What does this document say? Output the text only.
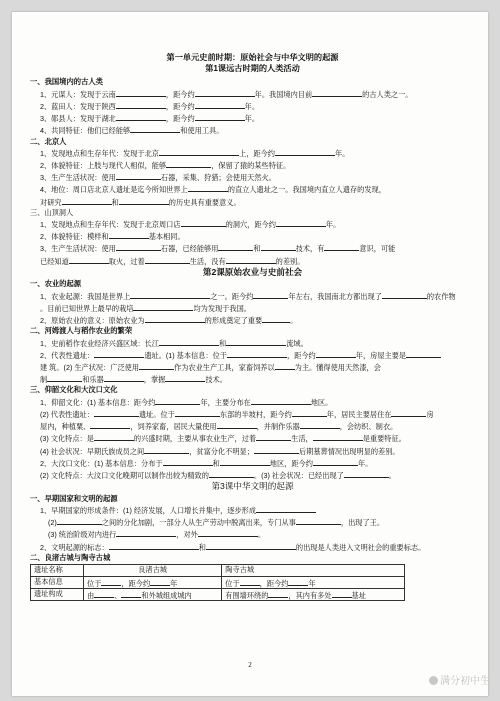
第一单元史前时期：原始社会与中华文明的起源
第1课远古时期的人类活动
一、我国境内的古人类
1、元谋人：发现于云南	，距今约	年。我国境内目前	的古人类之一。
2、蓝田人：发现于陕西	，距今约	年。
3、郧县人：发现于湖北	，距今约	年。
4、共同特征：他们已经能够	和使用工具。
二、北京人
1、发现地点和生存年代：发现于北京	上，距今约	年。
2、体貌特征：上肢与现代人相似，能够	，保留了猿的某些特征。
3、生产生活状况：使用	石器，采集、狩猎；会使用天然火。
4、地位：周口店北京人遗址是迄今所知世界上	的直立人遗址之一。我国境内直立人遗存的发现，
对研究	和	的历史具有重要意义。
三、山顶洞人
1、发现地点和生存年代：发现于北京周口店	的洞穴，距今约	年。
2、体貌特征：模样和	基本相同。
3、生产生活状况：使用	石器，已经能够用	和	技术，有	意识，可能
已经知道	取火，过着	生活，没有	的差别。
第2课原始农业与史前社会
一、农业的起源
1、农业起源：我国是世界上	之一。距今约	年左右，我国南北方都出现了	的农作物
。目前已知世界上最早的栽培	均为发现于我国。
2、原始农业的意义：原始农业为	的形成奠定了重要	。
二、河姆渡人与稻作农业的繁荣
1、史前稻作农业经济兴盛区域：长江	和	流域。
2、代表性遗址：	遗址。(1) 基本信息：位于	，距今约	年，房屋主要是
建 筑。(2) 生产状况：广泛使用	作为农业生产工具，家畜饲养以	为主。懂得使用天然漆，会
制	和乐器	，掌握	技术。
三、仰韶文化和大汶口文化
1、仰韶文化：(1) 基本信息：距今约	年，主要分布在	地区。
(2) 代表性遗址：	遗址。位于	东部的半坡村，距今约	年，居民主要居住在	房
屋内，种植粟、	，饲养家畜，居民大量使用	，并制作乐器	，会纺织、制衣。
(3) 文化特点：是	的兴盛时期，主要从事农业生产，过着	生活，	是重要特征。
(4) 社会状况：早期氏族成员之间	，贫富分化不明显；	后期墓葬情况出现明显的差别。
2、大汶口文化：(1) 基本信息：分布于	和	地区，距今约	年。
(2) 文化特点：大汶口文化晚期可以制作出较为精致的	。(3) 社会状况：已经出现了	。
第3课中华文明的起源
一、早期国家和文明的起源
1、早期国家的形成条件：(1) 经济发展，人口增长并集中，逐步形成
(2)	之间的分化加剧，一部分人从生产劳动中脱离出来，专门从事	，出现了王。
(3) 统治阶级对内进行	，对外	。
2、文明起源的标志：	和	的出现是人类进入文明社会的重要标志。
二、良渚古城与陶寺古城
遗址名称	良渚古城	陶寺古城
基本信息	位于 ，距今约 年	位于 ，距今约 年
遗址构成	由 、 和外城组成城内	有围墙环绕的 ，其内有多处 基址
2
满分初中生
